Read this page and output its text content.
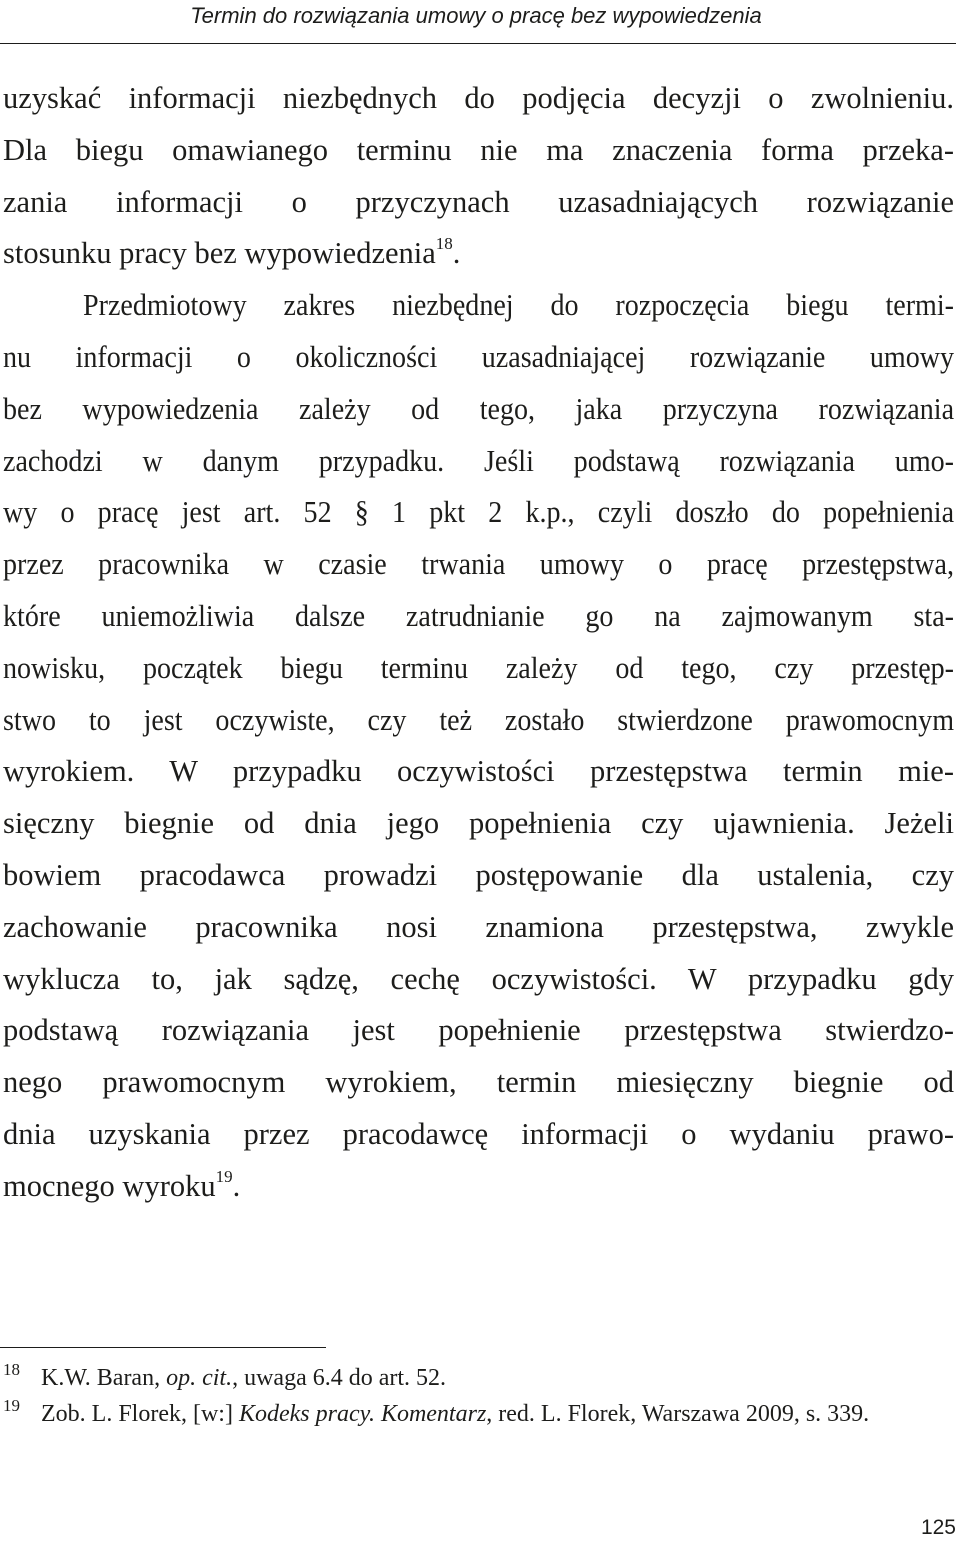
Termin do rozwiązania umowy o pracę bez wypowiedzenia
uzyskać informacji niezbędnych do podjęcia decyzji o zwolnieniu.
Dla biegu omawianego terminu nie ma znaczenia forma przeka-
zania informacji o przyczynach uzasadniających rozwiązanie
stosunku pracy bez wypowiedzenia$^{18}$.
Przedmiotowy zakres niezbędnej do rozpoczęcia biegu termi-
nu informacji o okoliczności uzasadniającej rozwiązanie umowy
bez wypowiedzenia zależy od tego, jaka przyczyna rozwiązania
zachodzi w danym przypadku. Jeśli podstawą rozwiązania umo-
wy o pracę jest art. 52 § 1 pkt 2 k.p., czyli doszło do popełnienia
przez pracownika w czasie trwania umowy o pracę przestępstwa,
które uniemożliwia dalsze zatrudnianie go na zajmowanym sta-
nowisku, początek biegu terminu zależy od tego, czy przestęp-
stwo to jest oczywiste, czy też zostało stwierdzone prawomocnym
wyrokiem. W przypadku oczywistości przestępstwa termin mie-
sięczny biegnie od dnia jego popełnienia czy ujawnienia. Jeżeli
bowiem pracodawca prowadzi postępowanie dla ustalenia, czy
zachowanie pracownika nosi znamiona przestępstwa, zwykle
wyklucza to, jak sądzę, cechę oczywistości. W przypadku gdy
podstawą rozwiązania jest popełnienie przestępstwa stwierdzo-
nego prawomocnym wyrokiem, termin miesięczny biegnie od
dnia uzyskania przez pracodawcę informacji o wydaniu prawo-
mocnego wyroku$^{19}$.
18 K.W. Baran, op. cit., uwaga 6.4 do art. 52.
19 Zob. L. Florek, [w:] Kodeks pracy. Komentarz, red. L. Florek, Warszawa 2009, s. 339.
125
